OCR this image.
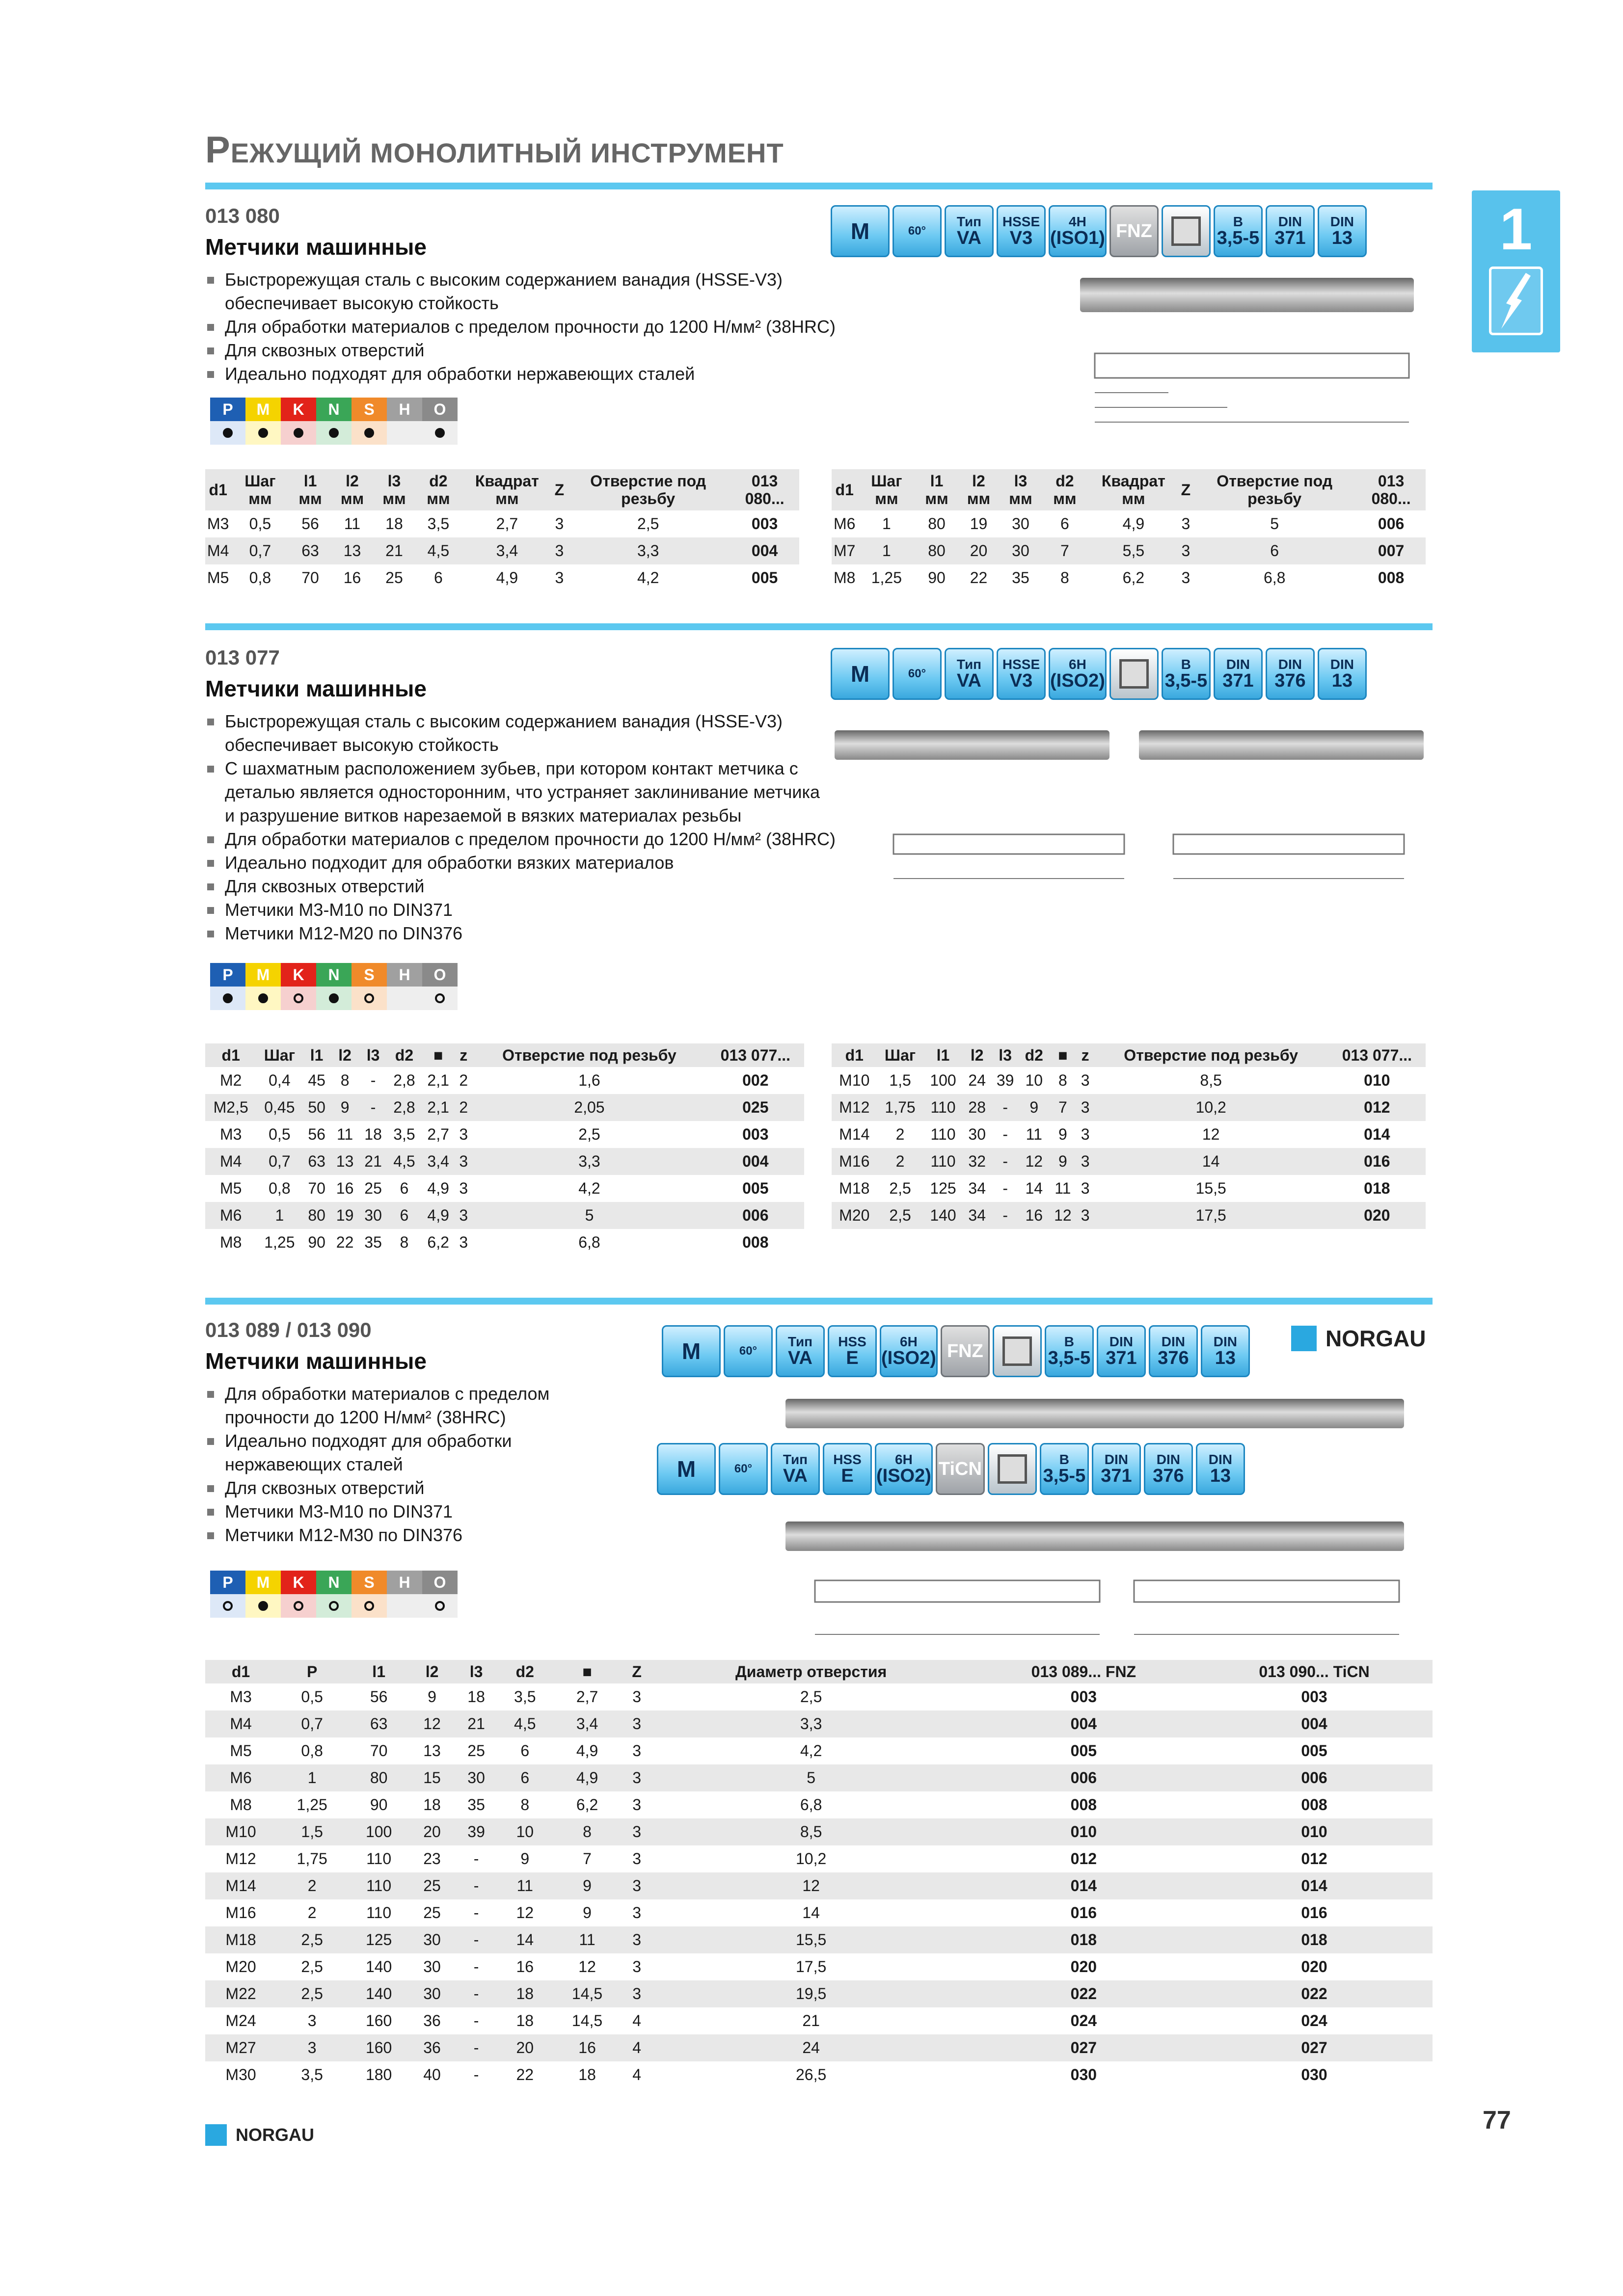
РЕЖУЩИЙ МОНОЛИТНЫЙ ИНСТРУМЕНТ
1
013 080
Метчики машинные
Быстрорежущая сталь с высоким содержанием ванадия (HSSE-V3)
обеспечивает высокую стойкость
Для обработки материалов с пределом прочности до 1200 Н/мм² (38HRC)
Для сквозных отверстий
Идеально подходят для обработки нержавеющих сталей
P	M	K	N	S	H	O
M	60°
Тип
VA
HSSE
V3
4H
(ISO1) FNZ	B
3,5-5
DIN
371
DIN
13
d1	Шаг мм	l1 мм	l2 мм	l3 мм	d2 мм	Квадрат мм	Z	Отверстие под резьбу	013 080...
M3	0,5	56	11	18	3,5	2,7	3	2,5	003
M4	0,7	63	13	21	4,5	3,4	3	3,3	004
M5	0,8	70	16	25	6	4,9	3	4,2	005
d1	Шаг мм	l1 мм	l2 мм	l3 мм	d2 мм	Квадрат мм	Z	Отверстие под резьбу	013 080...
M6	1	80	19	30	6	4,9	3	5	006
M7	1	80	20	30	7	5,5	3	6	007
M8	1,25	90	22	35	8	6,2	3	6,8	008
013 077
Метчики машинные
Быстрорежущая сталь с высоким содержанием ванадия (HSSE-V3)
обеспечивает высокую стойкость
С шахматным расположением зубьев, при котором контакт метчика с
деталью является односторонним, что устраняет заклинивание метчика
и разрушение витков нарезаемой в вязких материалах резьбы
Для обработки материалов с пределом прочности до 1200 Н/мм² (38HRC)
Идеально подходит для обработки вязких материалов
Для сквозных отверстий
Метчики M3-M10 по DIN371
Метчики M12-M20 по DIN376
P	M	K	N	S	H	O
M	60°
Тип
VA
HSSE
V3
6H
(ISO2)
B
3,5-5
DIN
371
DIN
376
DIN
13
d1	Шаг	l1	l2	l3	d2	■	z	Отверстие под резьбу	013 077...
M2	0,4	45	8	-	2,8	2,1	2	1,6	002
M2,5	0,45	50	9	-	2,8	2,1	2	2,05	025
M3	0,5	56	11	18	3,5	2,7	3	2,5	003
M4	0,7	63	13	21	4,5	3,4	3	3,3	004
M5	0,8	70	16	25	6	4,9	3	4,2	005
M6	1	80	19	30	6	4,9	3	5	006
M8	1,25	90	22	35	8	6,2	3	6,8	008
d1	Шаг	l1	l2	l3	d2	■	z	Отверстие под резьбу	013 077...
M10	1,5	100	24	39	10	8	3	8,5	010
M12	1,75	110	28	-	9	7	3	10,2	012
M14	2	110	30	-	11	9	3	12	014
M16	2	110	32	-	12	9	3	14	016
M18	2,5	125	34	-	14	11	3	15,5	018
M20	2,5	140	34	-	16	12	3	17,5	020
013 089 / 013 090
Метчики машинные
Для обработки материалов с пределом
прочности до 1200 Н/мм² (38HRC)
Идеально подходят для обработки
нержавеющих сталей
Для сквозных отверстий
Метчики M3-M10 по DIN371
Метчики M12-M30 по DIN376
P	M	K	N	S	H	O
M	60°
Тип
VA
HSS
E
6H
(ISO2) FNZ	B
3,5-5
DIN
371
DIN
376
DIN
13
M	60°
Тип
VA
HSS
E
6H
(ISO2) TiCN	B
3,5-5
DIN
371
DIN
376
DIN
13
NORGAU
d1	P	l1	l2	l3	d2	■	Z	Диаметр отверстия	013 089... FNZ	013 090... TiCN
M3	0,5	56	9	18	3,5	2,7	3	2,5	003	003
M4	0,7	63	12	21	4,5	3,4	3	3,3	004	004
M5	0,8	70	13	25	6	4,9	3	4,2	005	005
M6	1	80	15	30	6	4,9	3	5	006	006
M8	1,25	90	18	35	8	6,2	3	6,8	008	008
M10	1,5	100	20	39	10	8	3	8,5	010	010
M12	1,75	110	23	-	9	7	3	10,2	012	012
M14	2	110	25	-	11	9	3	12	014	014
M16	2	110	25	-	12	9	3	14	016	016
M18	2,5	125	30	-	14	11	3	15,5	018	018
M20	2,5	140	30	-	16	12	3	17,5	020	020
M22	2,5	140	30	-	18	14,5	3	19,5	022	022
M24	3	160	36	-	18	14,5	4	21	024	024
M27	3	160	36	-	20	16	4	24	027	027
M30	3,5	180	40	-	22	18	4	26,5	030	030
NORGAU
77
